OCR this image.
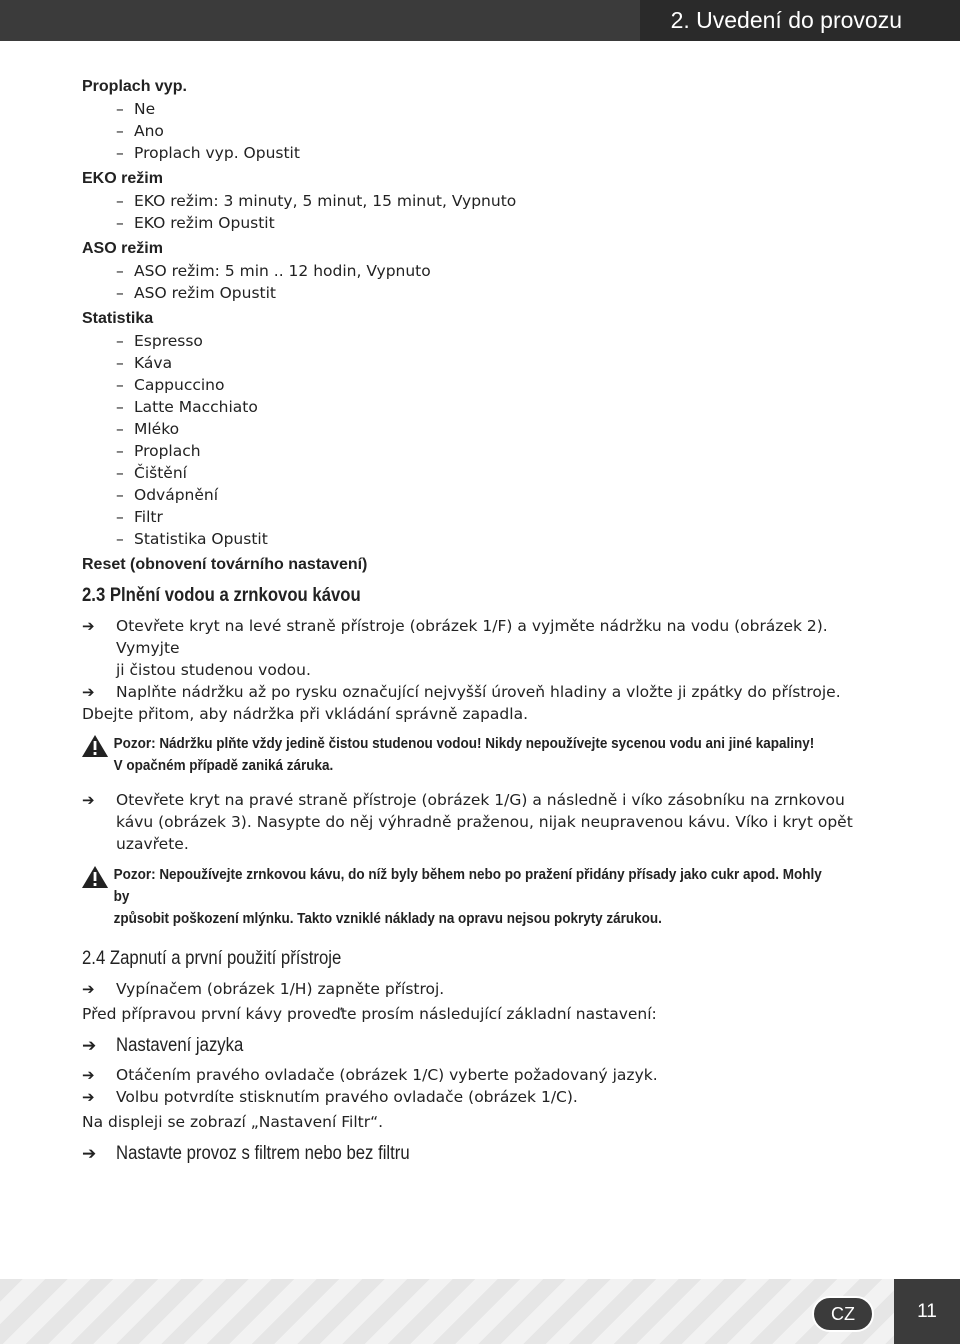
2. Uvedení do provozu
Proplach vyp.
– Ne
– Ano
– Proplach vyp. Opustit
EKO režim
– EKO režim: 3 minuty, 5 minut, 15 minut, Vypnuto
– EKO režim Opustit
ASO režim
– ASO režim: 5 min .. 12 hodin, Vypnuto
– ASO režim Opustit
Statistika
– Espresso
– Káva
– Cappuccino
– Latte Macchiato
– Mléko
– Proplach
– Čištění
– Odvápnění
– Filtr
– Statistika Opustit
Reset (obnovení továrního nastavení)
2.3 Plnění vodou a zrnkovou kávou
➔ Otevřete kryt na levé straně přístroje (obrázek 1/F) a vyjměte nádržku na vodu (obrázek 2). Vymyjte
ji čistou studenou vodou.
➔ Naplňte nádržku až po rysku označující nejvyšší úroveň hladiny a vložte ji zpátky do přístroje.
Dbejte přitom, aby nádržka při vkládání správně zapadla.
Pozor: Nádržku plňte vždy jedině čistou studenou vodou! Nikdy nepoužívejte sycenou vodu ani jiné kapaliny!
V opačném případě zaniká záruka.
➔ Otevřete kryt na pravé straně přístroje (obrázek 1/G) a následně i víko zásobníku na zrnkovou
kávu (obrázek 3). Nasypte do něj výhradně praženou, nijak neupravenou kávu. Víko i kryt opět
uzavřete.
Pozor: Nepoužívejte zrnkovou kávu, do níž byly během nebo po pražení přidány přísady jako cukr apod. Mohly by
způsobit poškození mlýnku. Takto vzniklé náklady na opravu nejsou pokryty zárukou.
2.4 Zapnutí a první použití přístroje
➔ Vypínačem (obrázek 1/H) zapněte přístroj.
Před přípravou první kávy proveďte prosím následující základní nastavení:
➔ Nastavení jazyka
➔ Otáčením pravého ovladače (obrázek 1/C) vyberte požadovaný jazyk.
➔ Volbu potvrdíte stisknutím pravého ovladače (obrázek 1/C).
Na displeji se zobrazí „Nastavení Filtr“.
➔ Nastavte provoz s filtrem nebo bez filtru
CZ	11
